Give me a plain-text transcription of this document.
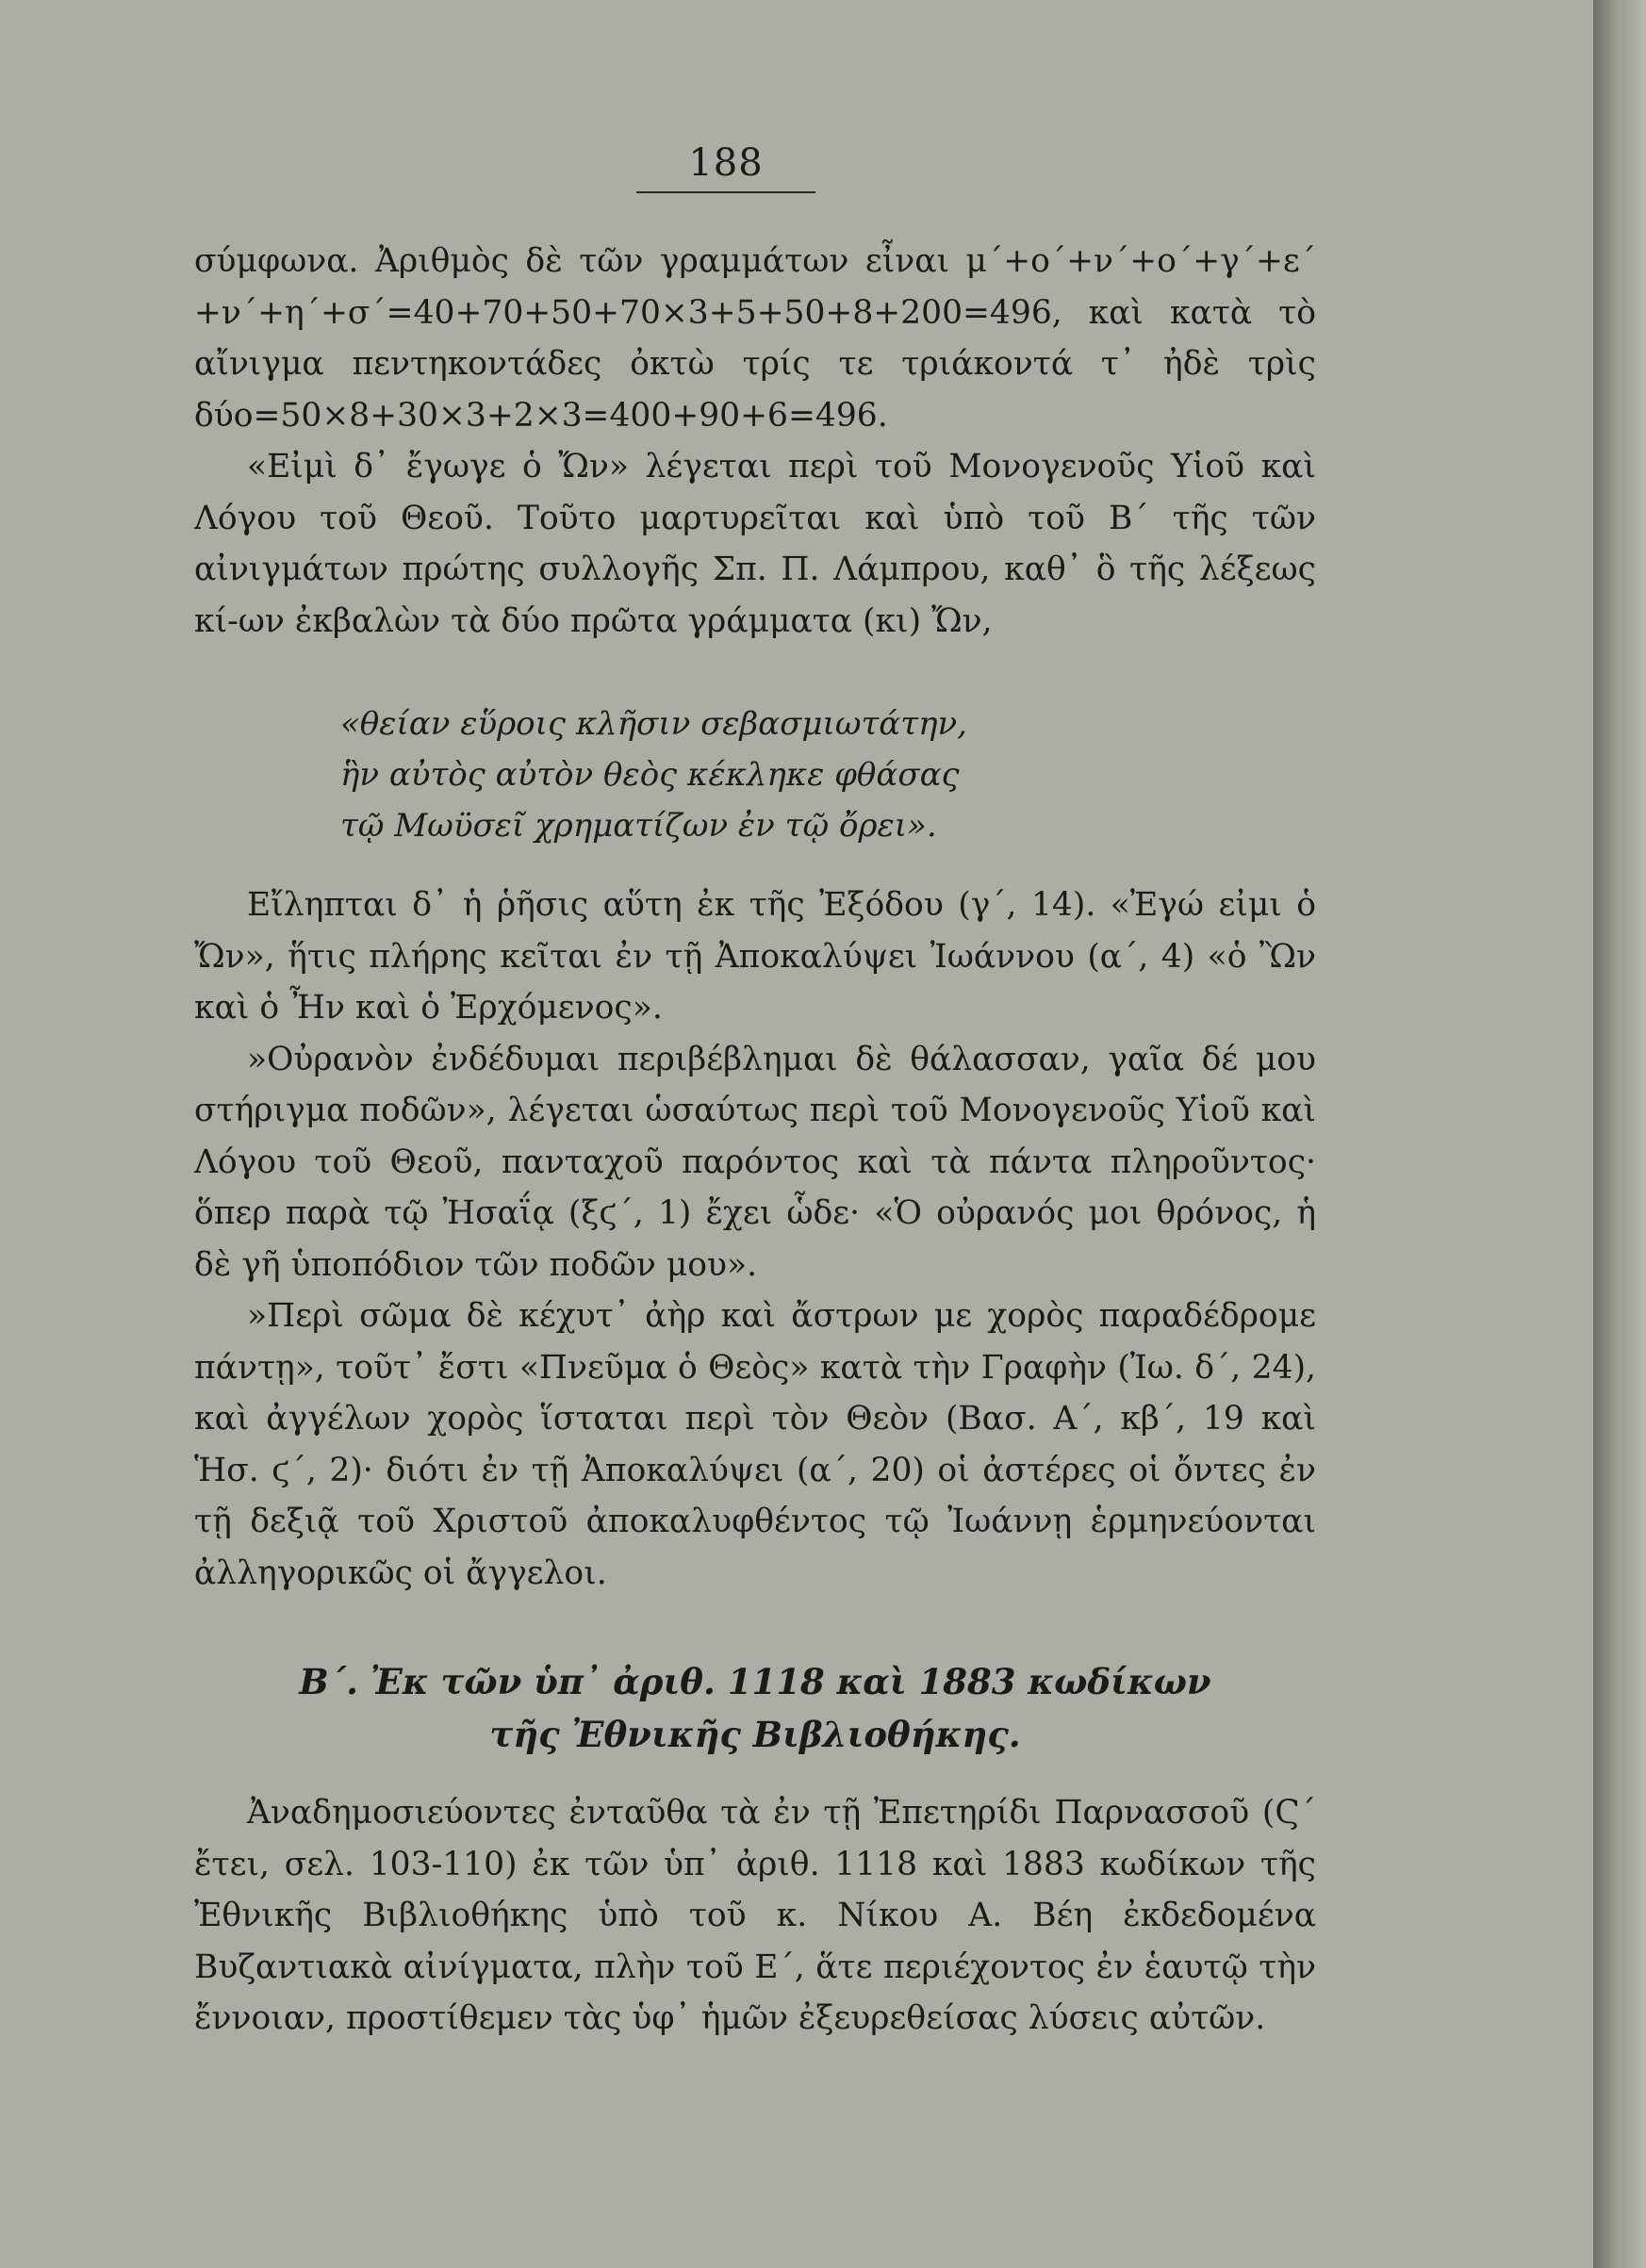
188

σύμφωνα. Ἀριθμὸς δὲ τῶν γραμμάτων εἶναι μ΄+ο΄+ν΄+ο΄+γ΄+ε΄ +ν΄+η΄+σ΄=40+70+50+70×3+5+50+8+200=496, καὶ κατὰ τὸ αἴνιγμα πεντηκοντάδες ὀκτὼ τρίς τε τριάκοντά τ᾽ ἠδὲ τρὶς δύο=50×8+30×3+2×3=400+90+6=496.

«Εἰμὶ δ᾽ ἔγωγε ὁ Ὤν» λέγεται περὶ τοῦ Μονογενοῦς Υἱοῦ καὶ Λόγου τοῦ Θεοῦ. Τοῦτο μαρτυρεῖται καὶ ὑπὸ τοῦ Β΄ τῆς τῶν αἰνιγμάτων πρώτης συλλογῆς Σπ. Π. Λάμπρου, καθ᾽ ὃ τῆς λέξεως κί-ων ἐκβαλὼν τὰ δύο πρῶτα γράμματα (κι) Ὤν,

«θείαν εὕροις κλῆσιν σεβασμιωτάτην,
ἣν αὐτὸς αὐτὸν θεὸς κέκληκε φθάσας
τῷ Μωϋσεῖ χρηματίζων ἐν τῷ ὄρει».

Εἴληπται δ᾽ ἡ ῥῆσις αὕτη ἐκ τῆς Ἐξόδου (γ΄, 14). «Ἐγώ εἰμι ὁ Ὤν», ἥτις πλήρης κεῖται ἐν τῇ Ἀποκαλύψει Ἰωάννου (α΄, 4) «ὁ Ὢν καὶ ὁ Ἦν καὶ ὁ Ἐρχόμενος».

»Οὐρανὸν ἐνδέδυμαι περιβέβλημαι δὲ θάλασσαν, γαῖα δέ μου στήριγμα ποδῶν», λέγεται ὡσαύτως περὶ τοῦ Μονογενοῦς Υἱοῦ καὶ Λόγου τοῦ Θεοῦ, πανταχοῦ παρόντος καὶ τὰ πάντα πληροῦντος· ὅπερ παρὰ τῷ Ἠσαΐᾳ (ξϛ΄, 1) ἔχει ὧδε· «Ὁ οὐρανός μοι θρόνος, ἡ δὲ γῆ ὑποπόδιον τῶν ποδῶν μου».

»Περὶ σῶμα δὲ κέχυτ᾽ ἀὴρ καὶ ἄστρων με χορὸς παραδέδρομε πάντῃ», τοῦτ᾽ ἔστι «Πνεῦμα ὁ Θεὸς» κατὰ τὴν Γραφὴν (Ἰω. δ΄, 24), καὶ ἀγγέλων χορὸς ἵσταται περὶ τὸν Θεὸν (Βασ. Α΄, κβ΄, 19 καὶ Ἡσ. ϛ΄, 2)· διότι ἐν τῇ Ἀποκαλύψει (α΄, 20) οἱ ἀστέρες οἱ ὄντες ἐν τῇ δεξιᾷ τοῦ Χριστοῦ ἀποκαλυφθέντος τῷ Ἰωάννῃ ἑρμηνεύονται ἀλληγορικῶς οἱ ἄγγελοι.

Β΄. Ἐκ τῶν ὑπ᾽ ἀριθ. 1118 καὶ 1883 κωδίκων
τῆς Ἐθνικῆς Βιβλιοθήκης.

Ἀναδημοσιεύοντες ἐνταῦθα τὰ ἐν τῇ Ἐπετηρίδι Παρνασσοῦ (Ϛ΄ ἔτει, σελ. 103-110) ἐκ τῶν ὑπ᾽ ἀριθ. 1118 καὶ 1883 κωδίκων τῆς Ἐθνικῆς Βιβλιοθήκης ὑπὸ τοῦ κ. Νίκου Α. Βέη ἐκδεδομένα Βυζαντιακὰ αἰνίγματα, πλὴν τοῦ Ε΄, ἅτε περιέχοντος ἐν ἑαυτῷ τὴν ἔννοιαν, προστίθεμεν τὰς ὑφ᾽ ἡμῶν ἐξευρεθείσας λύσεις αὐτῶν.
